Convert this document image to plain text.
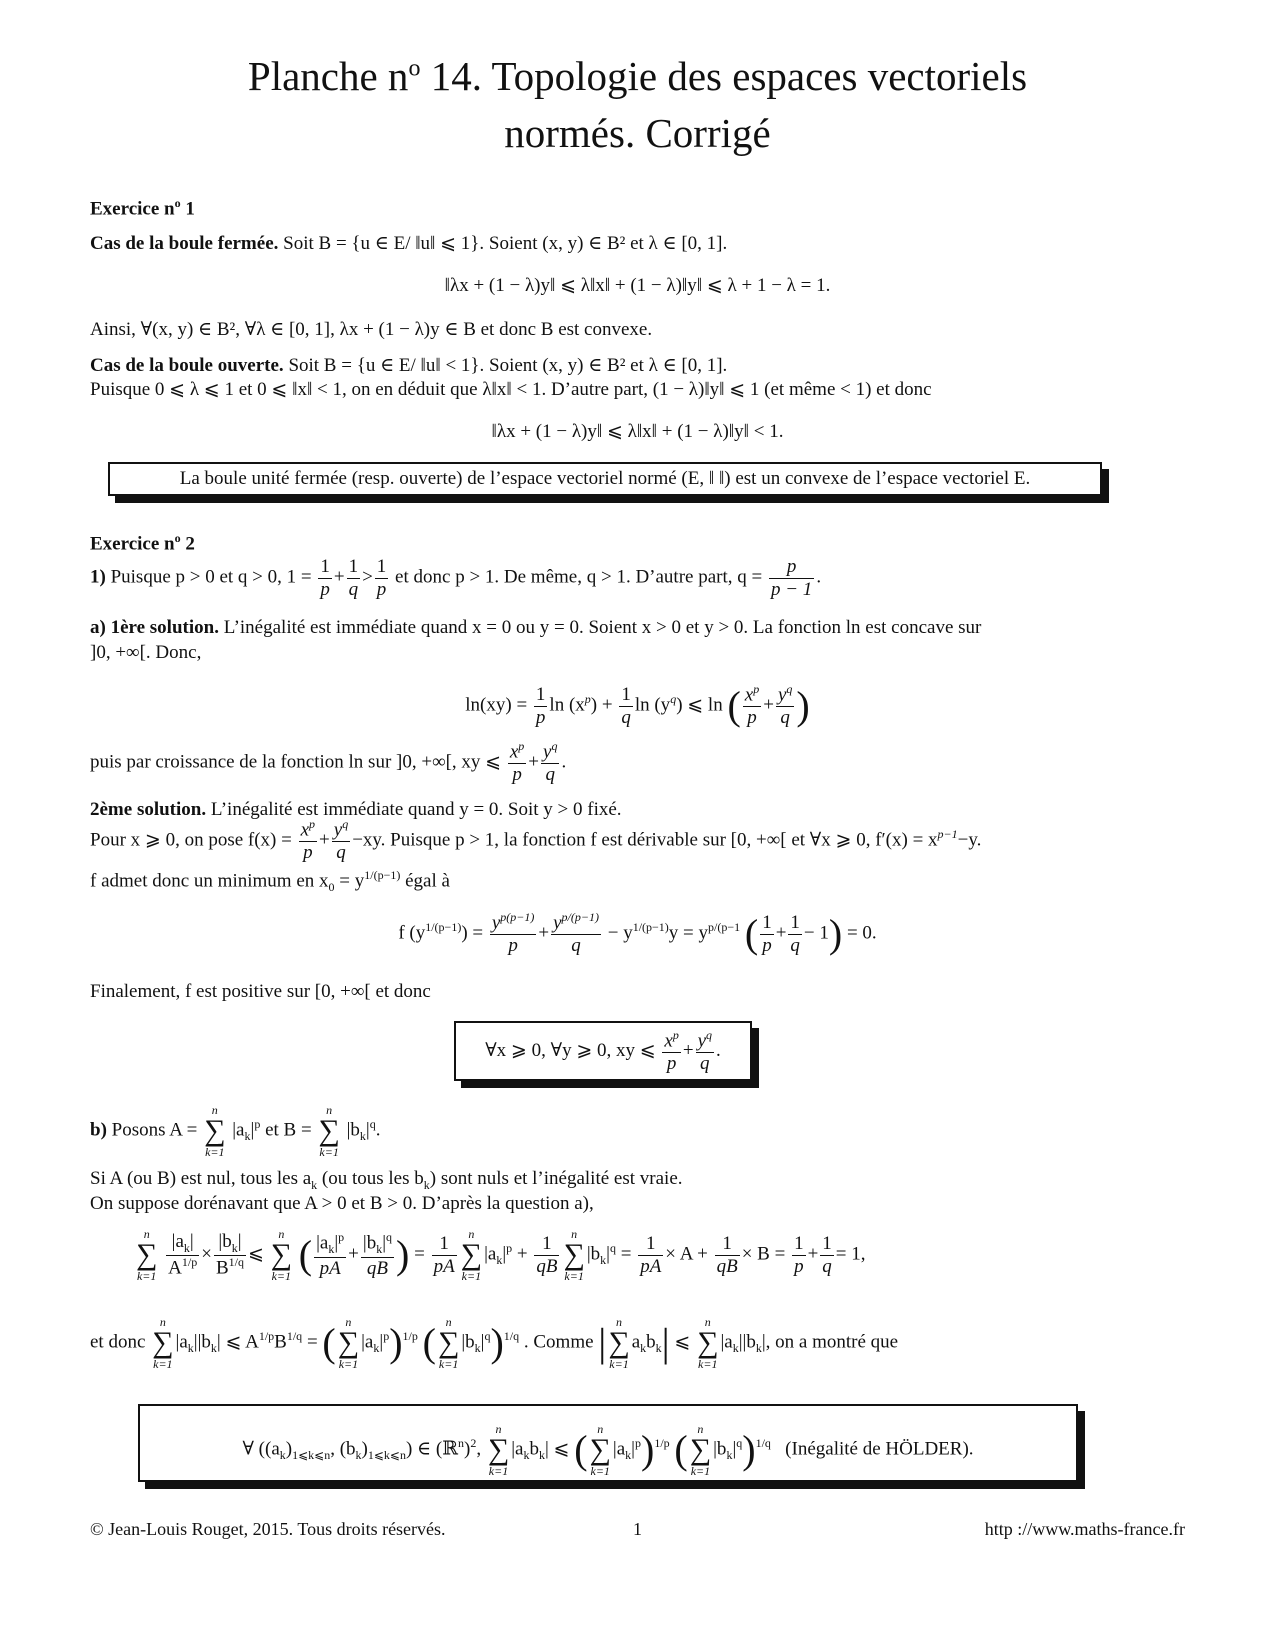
Planche $n^o$ 14. Topologie des espaces vectoriels
normés. Corrigé
Exercice $n^o$ 1
Cas de la boule fermée. Soit B = {u ∈ E/ ‖u‖ ⩽ 1}. Soient (x, y) ∈ B² et λ ∈ [0, 1].
‖λx + (1 − λ)y‖ ⩽ λ‖x‖ + (1 − λ)‖y‖ ⩽ λ + 1 − λ = 1.
Ainsi, ∀(x, y) ∈ B², ∀λ ∈ [0, 1], λx + (1 − λ)y ∈ B et donc B est convexe.
Cas de la boule ouverte. Soit B = {u ∈ E/ ‖u‖ < 1}. Soient (x, y) ∈ B² et λ ∈ [0, 1].
Puisque 0 ⩽ λ ⩽ 1 et 0 ⩽ ‖x‖ < 1, on en déduit que λ‖x‖ < 1. D’autre part, (1 − λ)‖y‖ ⩽ 1 (et même < 1) et donc
‖λx + (1 − λ)y‖ ⩽ λ‖x‖ + (1 − λ)‖y‖ < 1.
La boule unité fermée (resp. ouverte) de l’espace vectoriel normé (E, ‖ ‖) est un convexe de l’espace vectoriel E.
Exercice $n^o$ 2
1) Puisque p > 0 et q > 0, $1 = \frac{1}{p} + \frac{1}{q} > \frac{1}{p}$ et donc p > 1. De même, q > 1. D’autre part, $q = \frac{p}{p - 1}$ .
a) 1ère solution. L’inégalité est immédiate quand x = 0 ou y = 0. Soient x > 0 et y > 0. La fonction ln est concave sur
]0, +∞[. Donc,
$\ln(xy) = \frac{1}{p}$ $\ln (x^p) + \frac{1}{q}$ $\ln (y^q)$ ⩽ ln ( $\frac{x^p}{p} + \frac{y^q}{q}$ )
puis par croissance de la fonction ln sur ]0, +∞[, xy ⩽ $\frac{x^p}{p} + \frac{y^q}{q}$ .
2ème solution. L’inégalité est immédiate quand y = 0. Soit y > 0 fixé.
Pour x ⩾ 0, on pose $f(x) = \frac{x^p}{p} + \frac{y^q}{q} -xy$. Puisque p > 1, la fonction f est dérivable sur [0, +∞[ et ∀x ⩾ 0, $f'(x) = x^{p-1}-y$.
f admet donc un minimum en $x_0 = y^{1/(p-1)}$ égal à
f $(y^{1/(p-1)}) = \frac{y^{p(p-1)}}{p} + \frac{y^{p/(p-1)}}{q} - y^{1/(p-1)}y = y^{p/(p-1}$ ( $\frac{1}{p} + \frac{1}{q} - 1) = 0$.
Finalement, f est positive sur [0, +∞[ et donc
∀x ⩾ 0, ∀y ⩾ 0, xy ⩽ $\frac{x^p}{p} + \frac{y^q}{q}$ .
b) Posons A =
n
∑
k=1
$|a_k|^p$ et B =
n
∑
k=1
$|b_k|^q$.
Si A (ou B) est nul, tous les $a_k$ (ou tous les $b_k$) sont nuls et l’inégalité est vraie.
On suppose dorénavant que A > 0 et B > 0. D’après la question a),
n
∑
k=1
$\frac{|a_k|}{A^{1/p}} \times \frac{|b_k|}{B^{1/q}}$ ⩽
n
∑
k=1 ( $\frac{|a_k|^p}{pA} + \frac{|b_k|^q}{qB}$ ) = $\frac{1}{pA}$ n
∑
k=1
$|a_k|^p + \frac{1}{qB}$ n
∑
k=1
$|b_k|^q = \frac{1}{pA} \times A + \frac{1}{qB} \times B = \frac{1}{p} + \frac{1}{q} = 1$,
et donc
n
∑
k=1
$|a_k||b_k|$ ⩽ $A^{1/p}B^{1/q}$ = ( n
∑
k=1
$|a_k|^p)^{1/p}$ ( n
∑
k=1
$|b_k|^q)^{1/q}$ . Comme | n
∑
k=1
$a_kb_k|$ ⩽
n
∑
k=1
$|a_k||b_k|$, on a montré que
∀ ($(a_k)_{1⩽k⩽n}$, $(b_k)_{1⩽k⩽n}$) ∈ (ℝ$^n$)$^2$,
n
∑
k=1
$|a_kb_k|$ ⩽ ( n
∑
k=1
$|a_k|^p)^{1/p}$ ( n
∑
k=1
$|b_k|^q)^{1/q}$ (Inégalité de HÖLDER).
© Jean-Louis Rouget, 2015. Tous droits réservés.	1	http ://www.maths-france.fr
